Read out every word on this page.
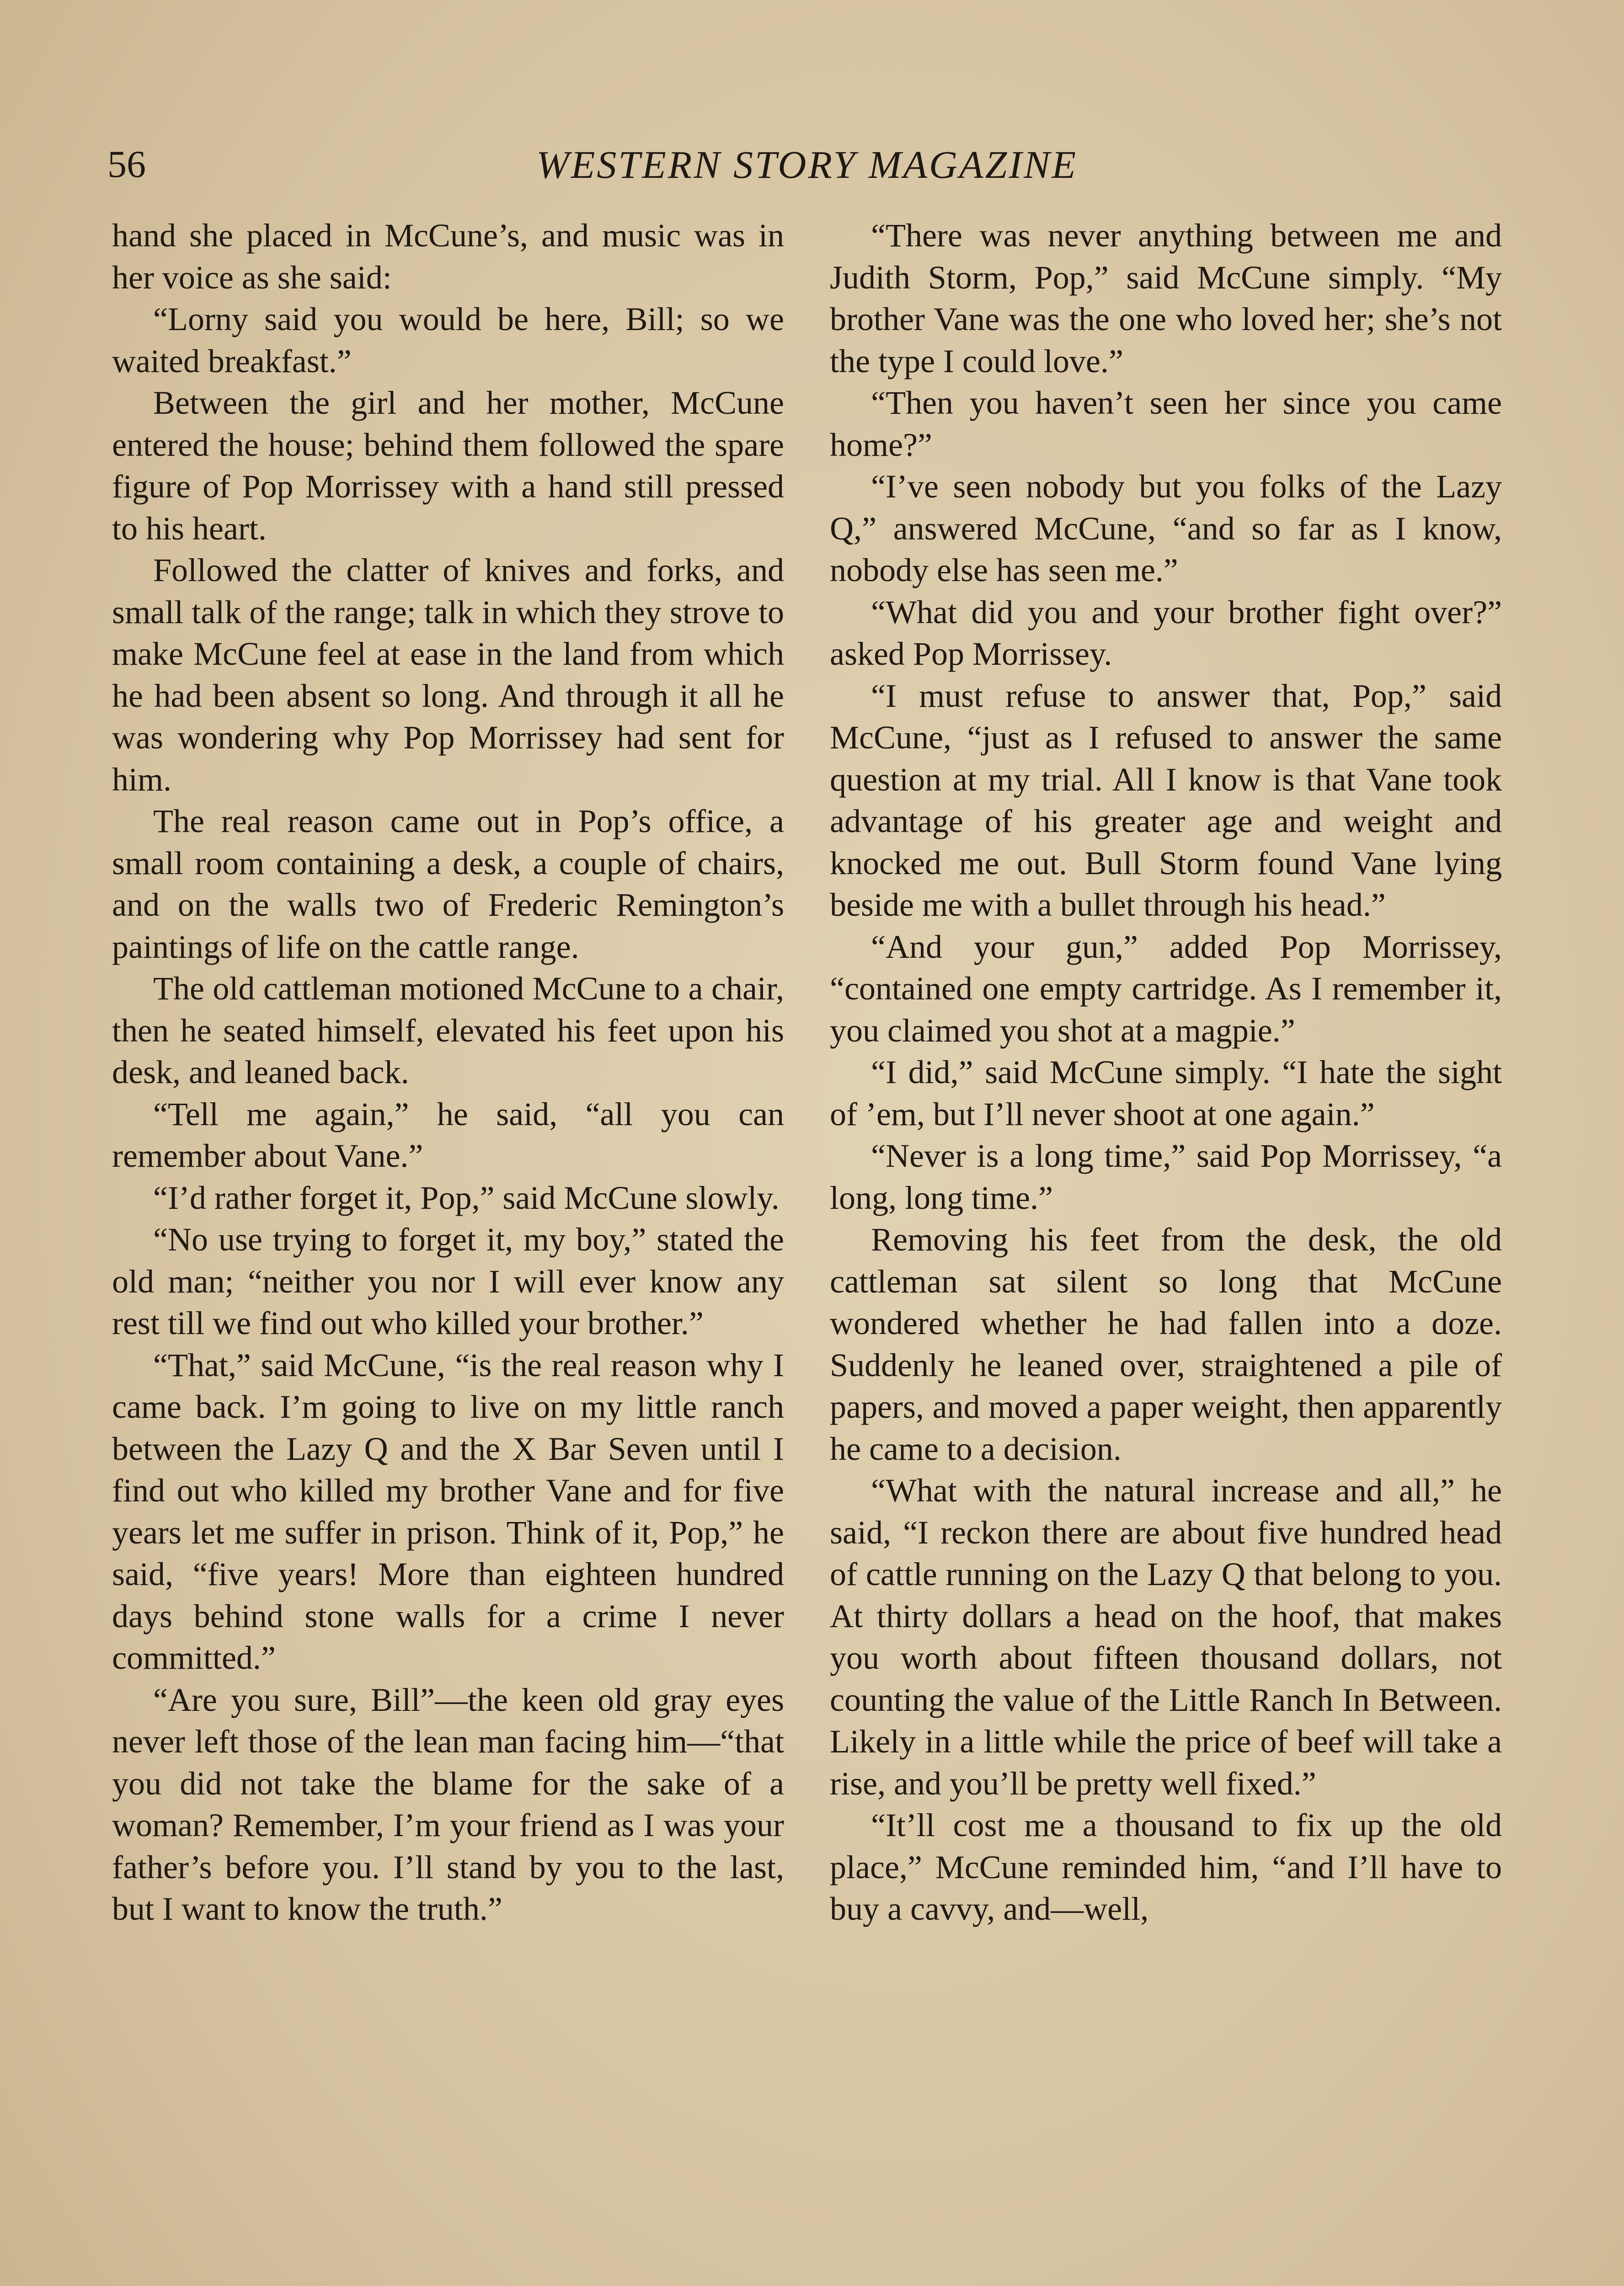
56	WESTERN STORY MAGAZINE

hand she placed in McCune’s, and music was in her voice as she said:

“Lorny said you would be here, Bill; so we waited breakfast.”

Between the girl and her mother, McCune entered the house; behind them followed the spare figure of Pop Morrissey with a hand still pressed to his heart.

Followed the clatter of knives and forks, and small talk of the range; talk in which they strove to make McCune feel at ease in the land from which he had been absent so long. And through it all he was wondering why Pop Morrissey had sent for him.

The real reason came out in Pop’s office, a small room containing a desk, a couple of chairs, and on the walls two of Frederic Remington’s paintings of life on the cattle range.

The old cattleman motioned McCune to a chair, then he seated himself, elevated his feet upon his desk, and leaned back.

“Tell me again,” he said, “all you can remember about Vane.”

“I’d rather forget it, Pop,” said McCune slowly.

“No use trying to forget it, my boy,” stated the old man; “neither you nor I will ever know any rest till we find out who killed your brother.”

“That,” said McCune, “is the real reason why I came back. I’m going to live on my little ranch between the Lazy Q and the X Bar Seven until I find out who killed my brother Vane and for five years let me suffer in prison. Think of it, Pop,” he said, “five years! More than eighteen hundred days behind stone walls for a crime I never committed.”

“Are you sure, Bill”—the keen old gray eyes never left those of the lean man facing him—“that you did not take the blame for the sake of a woman? Remember, I’m your friend as I was your father’s before you. I’ll stand by you to the last, but I want to know the truth.”

“There was never anything between me and Judith Storm, Pop,” said McCune simply. “My brother Vane was the one who loved her; she’s not the type I could love.”

“Then you haven’t seen her since you came home?”

“I’ve seen nobody but you folks of the Lazy Q,” answered McCune, “and so far as I know, nobody else has seen me.”

“What did you and your brother fight over?” asked Pop Morrissey.

“I must refuse to answer that, Pop,” said McCune, “just as I refused to answer the same question at my trial. All I know is that Vane took advantage of his greater age and weight and knocked me out. Bull Storm found Vane lying beside me with a bullet through his head.”

“And your gun,” added Pop Morrissey, “contained one empty cartridge. As I remember it, you claimed you shot at a magpie.”

“I did,” said McCune simply. “I hate the sight of ’em, but I’ll never shoot at one again.”

“Never is a long time,” said Pop Morrissey, “a long, long time.”

Removing his feet from the desk, the old cattleman sat silent so long that McCune wondered whether he had fallen into a doze. Suddenly he leaned over, straightened a pile of papers, and moved a paper weight, then apparently he came to a decision.

“What with the natural increase and all,” he said, “I reckon there are about five hundred head of cattle running on the Lazy Q that belong to you. At thirty dollars a head on the hoof, that makes you worth about fifteen thousand dollars, not counting the value of the Little Ranch In Between. Likely in a little while the price of beef will take a rise, and you’ll be pretty well fixed.”

“It’ll cost me a thousand to fix up the old place,” McCune reminded him, “and I’ll have to buy a cavvy, and—well,
